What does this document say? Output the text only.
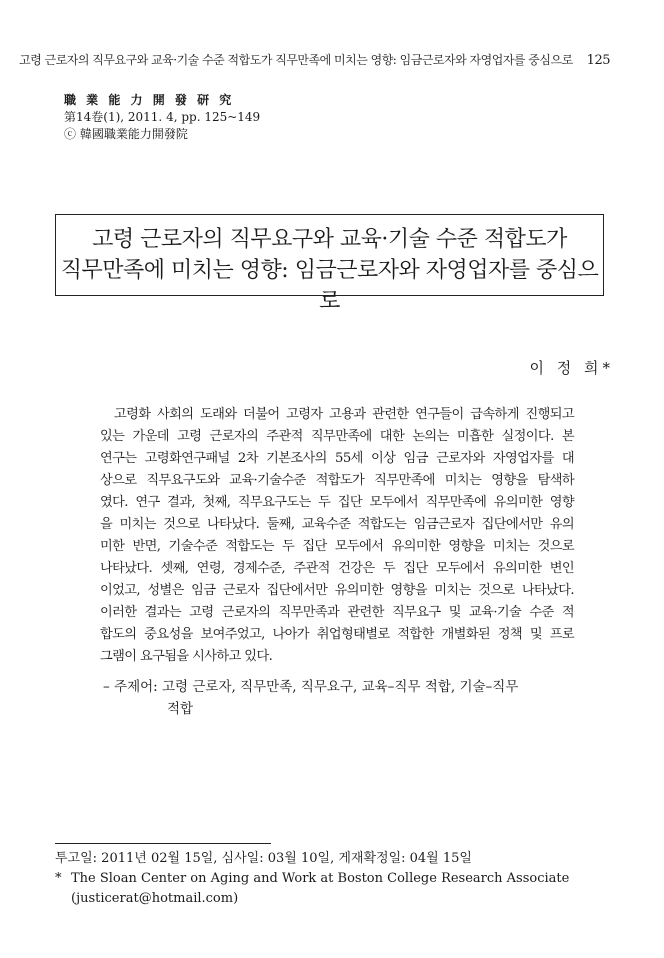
고령 근로자의 직무요구와 교육·기술 수준 적합도가 직무만족에 미치는 영향: 임금근로자와 자영업자를 중심으로 125
職 業 能 力 開 發 研 究
第14卷(1), 2011. 4, pp. 125~149
ⓒ 韓國職業能力開發院
고령 근로자의 직무요구와 교육·기술 수준 적합도가
직무만족에 미치는 영향: 임금근로자와 자영업자를 중심으로
이 정 희*
고령화 사회의 도래와 더불어 고령자 고용과 관련한 연구들이 급속하게 진행되고
있는 가운데 고령 근로자의 주관적 직무만족에 대한 논의는 미흡한 실정이다. 본
연구는 고령화연구패널 2차 기본조사의 55세 이상 임금 근로자와 자영업자를 대
상으로 직무요구도와 교육·기술수준 적합도가 직무만족에 미치는 영향을 탐색하
였다. 연구 결과, 첫째, 직무요구도는 두 집단 모두에서 직무만족에 유의미한 영향
을 미치는 것으로 나타났다. 둘째, 교육수준 적합도는 임금근로자 집단에서만 유의
미한 반면, 기술수준 적합도는 두 집단 모두에서 유의미한 영향을 미치는 것으로
나타났다. 셋째, 연령, 경제수준, 주관적 건강은 두 집단 모두에서 유의미한 변인
이었고, 성별은 임금 근로자 집단에서만 유의미한 영향을 미치는 것으로 나타났다.
이러한 결과는 고령 근로자의 직무만족과 관련한 직무요구 및 교육·기술 수준 적
합도의 중요성을 보여주었고, 나아가 취업형태별로 적합한 개별화된 정책 및 프로
그램이 요구됨을 시사하고 있다.
– 주제어: 고령 근로자, 직무만족, 직무요구, 교육–직무 적합, 기술–직무
적합
투고일: 2011년 02월 15일, 심사일: 03월 10일, 게재확정일: 04월 15일
* The Sloan Center on Aging and Work at Boston College Research Associate
(justicerat@hotmail.com)
